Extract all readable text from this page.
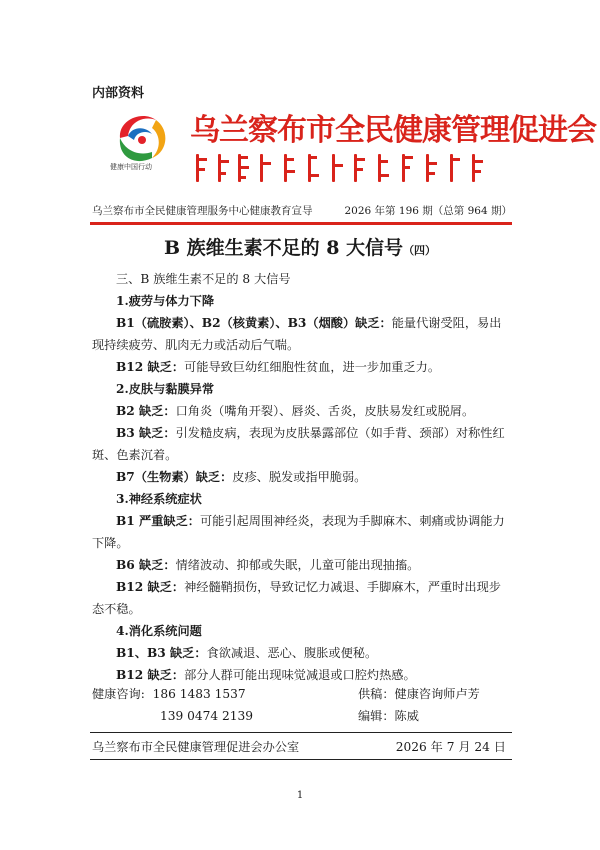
内部资料
健康中国行动
乌兰察布市全民健康管理促进会
乌兰察布市全民健康管理服务中心健康教育宣导	2026 年第 196 期（总第 964 期）
B 族维生素不足的 8 大信号（四）

三、B 族维生素不足的 8 大信号

1.疲劳与体力下降

B1（硫胺素）、B2（核黄素）、B3（烟酸）缺乏：能量代谢受阻，易出现持续疲劳、肌肉无力或活动后气喘。

B12 缺乏：可能导致巨幼红细胞性贫血，进一步加重乏力。

2.皮肤与黏膜异常

B2 缺乏：口角炎（嘴角开裂）、唇炎、舌炎，皮肤易发红或脱屑。

B3 缺乏：引发糙皮病，表现为皮肤暴露部位（如手背、颈部）对称性红斑、色素沉着。

B7（生物素）缺乏：皮疹、脱发或指甲脆弱。

3.神经系统症状

B1 严重缺乏：可能引起周围神经炎，表现为手脚麻木、刺痛或协调能力下降。

B6 缺乏：情绪波动、抑郁或失眠，儿童可能出现抽搐。

B12 缺乏：神经髓鞘损伤，导致记忆力减退、手脚麻木，严重时出现步态不稳。

4.消化系统问题

B1、B3 缺乏：食欲减退、恶心、腹胀或便秘。

B12 缺乏：部分人群可能出现味觉减退或口腔灼热感。

健康咨询: 186 1483 1537
139 0474 2139
供稿：健康咨询师卢芳
编辑：陈威
乌兰察布市全民健康管理促进会办公室	2026 年 7 月 24 日
1
